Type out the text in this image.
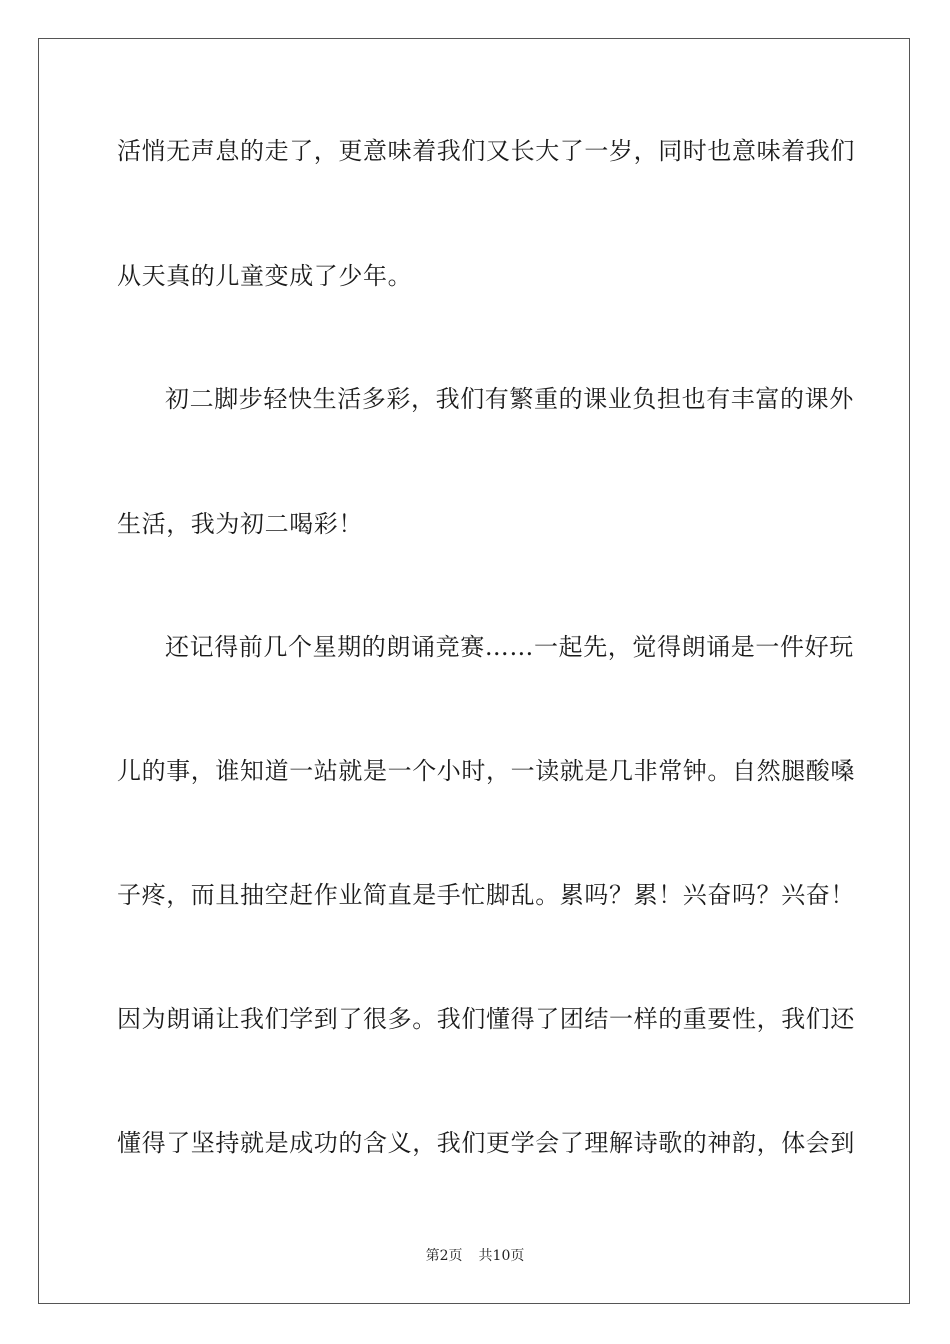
活悄无声息的走了，更意味着我们又长大了一岁，同时也意味着我们
从天真的儿童变成了少年。
初二脚步轻快生活多彩，我们有繁重的课业负担也有丰富的课外
生活，我为初二喝彩！
还记得前几个星期的朗诵竞赛……一起先，觉得朗诵是一件好玩
儿的事，谁知道一站就是一个小时，一读就是几非常钟。自然腿酸嗓
子疼，而且抽空赶作业简直是手忙脚乱。累吗？累！兴奋吗？兴奋！
因为朗诵让我们学到了很多。我们懂得了团结一样的重要性，我们还
懂得了坚持就是成功的含义，我们更学会了理解诗歌的神韵，体会到
第2页 共10页
